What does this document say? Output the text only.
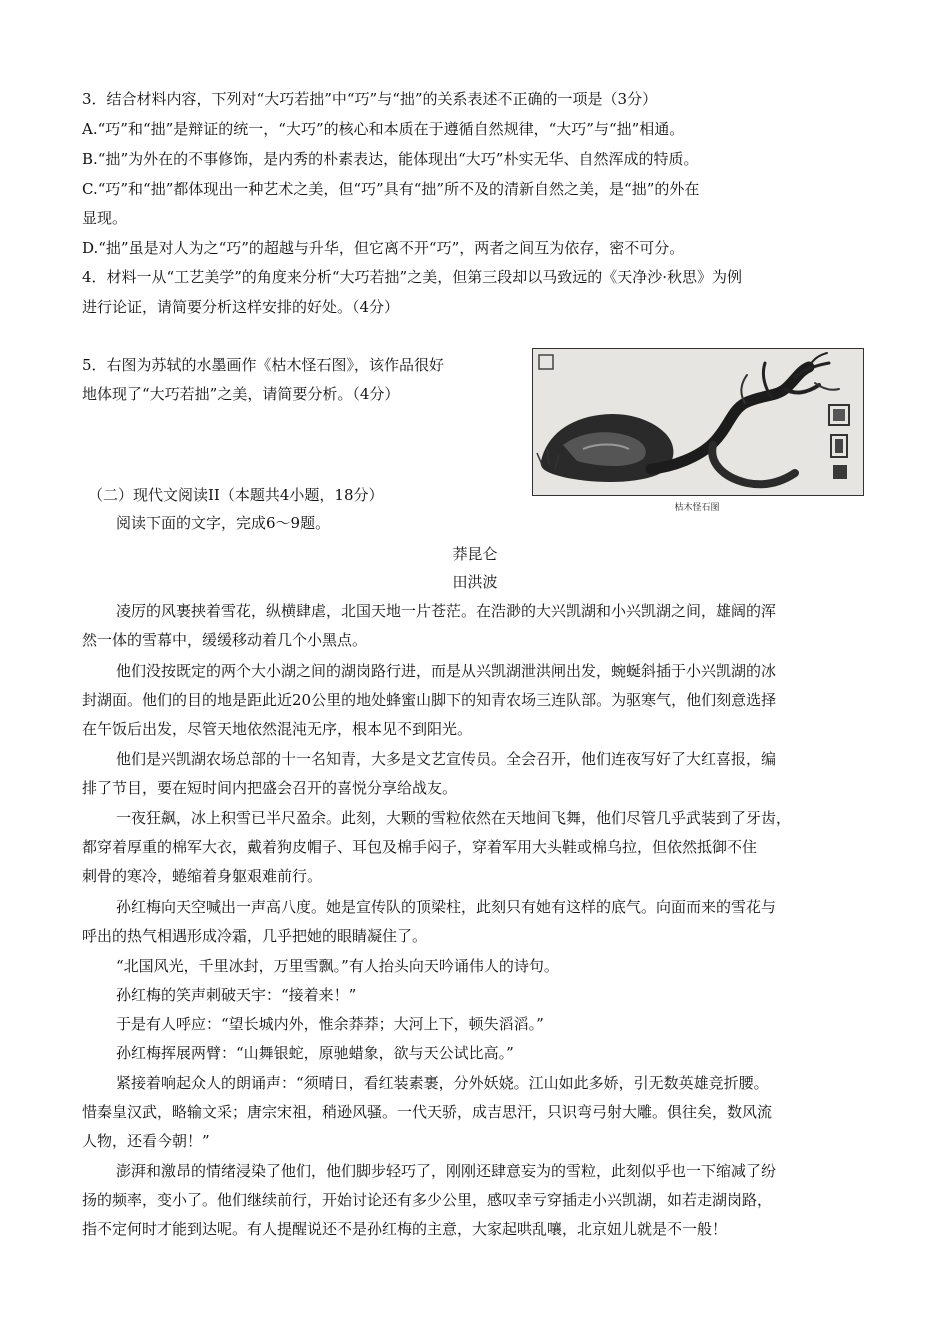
3．结合材料内容，下列对“大巧若拙”中“巧”与“拙”的关系表述不正确的一项是（3分）
A.“巧”和“拙”是辩证的统一，“大巧”的核心和本质在于遵循自然规律，“大巧”与“拙”相通。
B.“拙”为外在的不事修饰，是内秀的朴素表达，能体现出“大巧”朴实无华、自然浑成的特质。
C.“巧”和“拙”都体现出一种艺术之美，但“巧”具有“拙”所不及的清新自然之美，是“拙”的外在
显现。
D.“拙”虽是对人为之“巧”的超越与升华，但它离不开“巧”，两者之间互为依存，密不可分。
4．材料一从“工艺美学”的角度来分析“大巧若拙”之美，但第三段却以马致远的《天净沙·秋思》为例
进行论证，请简要分析这样安排的好处。（4分）
5．右图为苏轼的水墨画作《枯木怪石图》，该作品很好
地体现了“大巧若拙”之美，请简要分析。（4分）
枯木怪石图
（二）现代文阅读II（本题共4小题，18分）
阅读下面的文字，完成6～9题。
莽昆仑
田洪波
凌厉的风裹挟着雪花，纵横肆虐，北国天地一片苍茫。在浩渺的大兴凯湖和小兴凯湖之间，雄阔的浑
然一体的雪幕中，缓缓移动着几个小黑点。
他们没按既定的两个大小湖之间的湖岗路行进，而是从兴凯湖泄洪闸出发，蜿蜒斜插于小兴凯湖的冰
封湖面。他们的目的地是距此近20公里的地处蜂蜜山脚下的知青农场三连队部。为驱寒气，他们刻意选择
在午饭后出发，尽管天地依然混沌无序，根本见不到阳光。
他们是兴凯湖农场总部的十一名知青，大多是文艺宣传员。全会召开，他们连夜写好了大红喜报，编
排了节目，要在短时间内把盛会召开的喜悦分享给战友。
一夜狂飙，冰上积雪已半尺盈余。此刻，大颗的雪粒依然在天地间飞舞，他们尽管几乎武装到了牙齿，
都穿着厚重的棉军大衣，戴着狗皮帽子、耳包及棉手闷子，穿着军用大头鞋或棉乌拉，但依然抵御不住
刺骨的寒冷，蜷缩着身躯艰难前行。
孙红梅向天空喊出一声高八度。她是宣传队的顶梁柱，此刻只有她有这样的底气。向面而来的雪花与
呼出的热气相遇形成冷霜，几乎把她的眼睛凝住了。
“北国风光，千里冰封，万里雪飘。”有人抬头向天吟诵伟人的诗句。
孙红梅的笑声刺破天宇：“接着来！”
于是有人呼应：“望长城内外，惟余莽莽；大河上下，顿失滔滔。”
孙红梅挥展两臂：“山舞银蛇，原驰蜡象，欲与天公试比高。”
紧接着响起众人的朗诵声：“须晴日，看红装素裹，分外妖娆。江山如此多娇，引无数英雄竞折腰。
惜秦皇汉武，略输文采；唐宗宋祖，稍逊风骚。一代天骄，成吉思汗，只识弯弓射大雕。俱往矣，数风流
人物，还看今朝！”
澎湃和激昂的情绪浸染了他们，他们脚步轻巧了，刚刚还肆意妄为的雪粒，此刻似乎也一下缩减了纷
扬的频率，变小了。他们继续前行，开始讨论还有多少公里，感叹幸亏穿插走小兴凯湖，如若走湖岗路，
指不定何时才能到达呢。有人提醒说还不是孙红梅的主意，大家起哄乱嚷，北京妞儿就是不一般！
